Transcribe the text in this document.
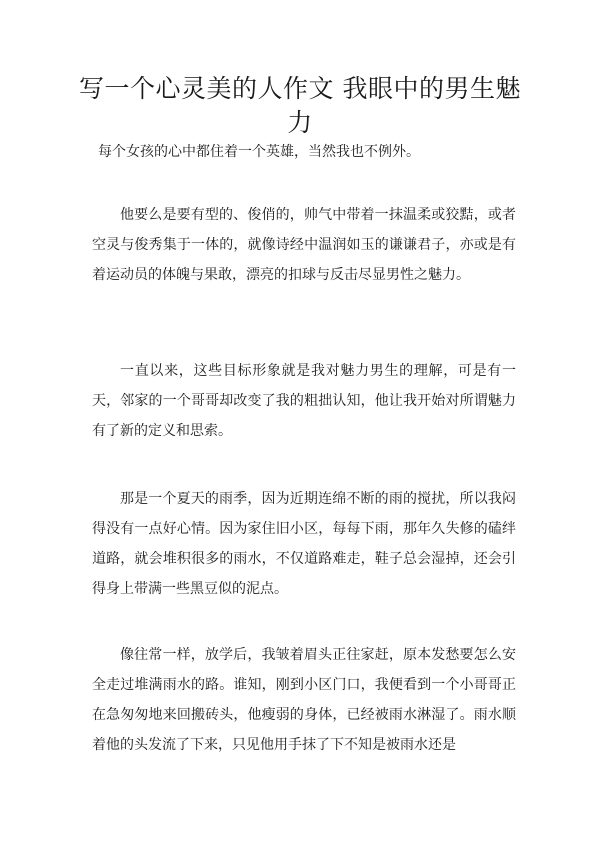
写一个心灵美的人作文 我眼中的男生魅力

每个女孩的心中都住着一个英雄，当然我也不例外。

他要么是要有型的、俊俏的，帅气中带着一抹温柔或狡黠，或者空灵与俊秀集于一体的，就像诗经中温润如玉的谦谦君子，亦或是有着运动员的体魄与果敢，漂亮的扣球与反击尽显男性之魅力。

一直以来，这些目标形象就是我对魅力男生的理解，可是有一天，邻家的一个哥哥却改变了我的粗拙认知，他让我开始对所谓魅力有了新的定义和思索。

那是一个夏天的雨季，因为近期连绵不断的雨的搅扰，所以我闷得没有一点好心情。因为家住旧小区，每每下雨，那年久失修的磕绊道路，就会堆积很多的雨水，不仅道路难走，鞋子总会湿掉，还会引得身上带满一些黑豆似的泥点。

像往常一样，放学后，我皱着眉头正往家赶，原本发愁要怎么安全走过堆满雨水的路。谁知，刚到小区门口，我便看到一个小哥哥正在急匆匆地来回搬砖头，他瘦弱的身体，已经被雨水淋湿了。雨水顺着他的头发流了下来，只见他用手抹了下不知是被雨水还是
